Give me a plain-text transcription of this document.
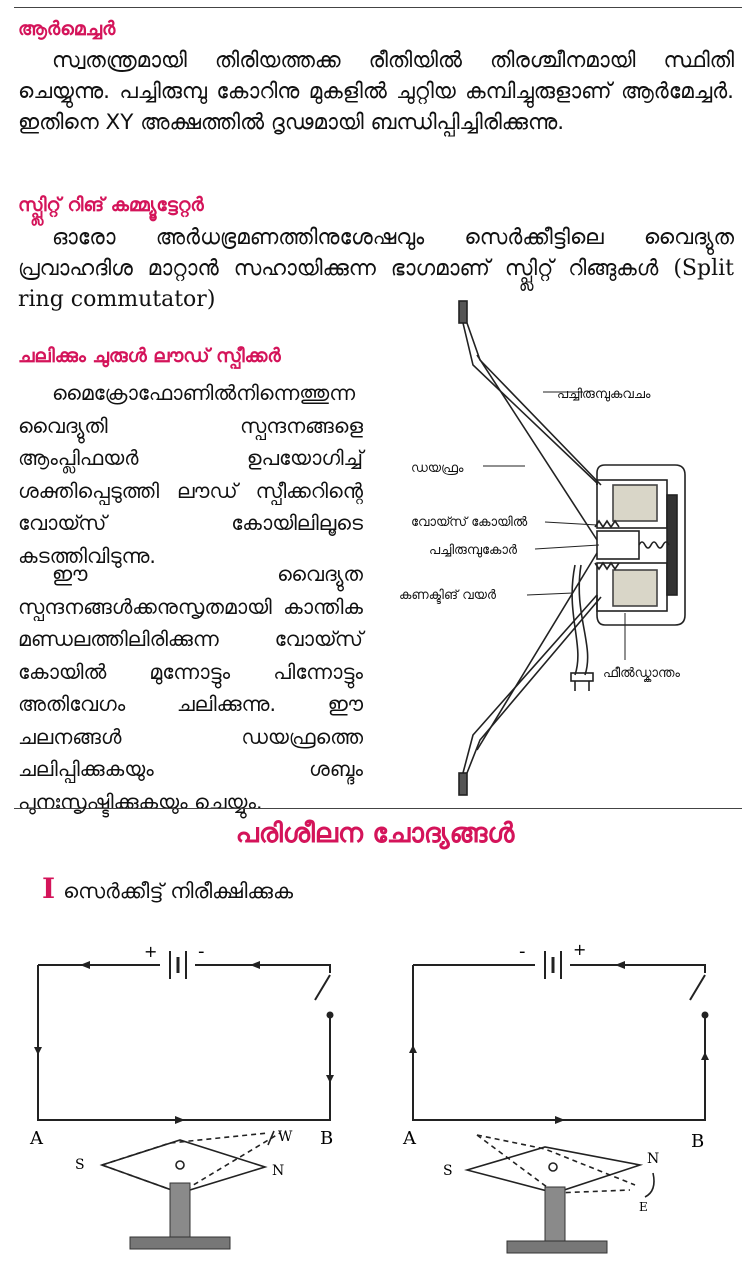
ആർമെച്ചർ

സ്വതന്ത്രമായി തിരിയത്തക്ക രീതിയിൽ തിരശ്ചീനമായി സ്ഥിതി ചെയ്യുന്നു. പച്ചിരുമ്പു കോറിനു മുകളിൽ ചുറ്റിയ കമ്പിച്ചുരുളാണ് ആർമേച്ചർ. ഇതിനെ XY അക്ഷത്തിൽ ദൃഢമായി ബന്ധിപ്പിച്ചിരിക്കുന്നു.

സ്പ്ലിറ്റ് റിങ് കമ്മ്യൂട്ടേറ്റർ

ഓരോ അർധഭ്രമണത്തിനുശേഷവും സെർക്കീട്ടിലെ വൈദ്യുത പ്രവാഹദിശ മാറ്റാൻ സഹായിക്കുന്ന ഭാഗമാണ് സ്പ്ലിറ്റ് റിങ്ങുകൾ (Split ring commutator)

ചലിക്കും ചുരുൾ ലൗഡ് സ്പീക്കർ

മൈക്രോഫോണിൽനിന്നെത്തുന്ന വൈദ്യുതി സ്പന്ദനങ്ങളെ ആംപ്ലിഫയർ ഉപയോഗിച്ച് ശക്തിപ്പെടുത്തി ലൗഡ് സ്പീക്കറിന്റെ വോയ്സ് കോയിലിലൂടെ കടത്തിവിടുന്നു.

ഈ വൈദ്യുത സ്പന്ദനങ്ങൾക്കനുസൃതമായി കാന്തിക മണ്ഡലത്തിലിരിക്കുന്ന വോയ്സ് കോയിൽ മുന്നോട്ടും പിന്നോട്ടും അതിവേഗം ചലിക്കുന്നു. ഈ ചലനങ്ങൾ ഡയഫ്രത്തെ ചലിപ്പിക്കുകയും ശബ്ദം പുനഃസൃഷ്ടിക്കുകയും ചെയ്യും.

പച്ചിരുമ്പുകവചം
ഡയഫ്രം
വോയ്സ് കോയിൽ
പച്ചിരുമ്പുകോർ
കണക്ടിങ് വയർ
ഫീൽഡ്കാന്തം
പരിശീലന ചോദ്യങ്ങൾ

I സെർക്കീട്ട് നിരീക്ഷിക്കുക

+ -
A	B
S	N
W
-	+
A	B
S
N
E
